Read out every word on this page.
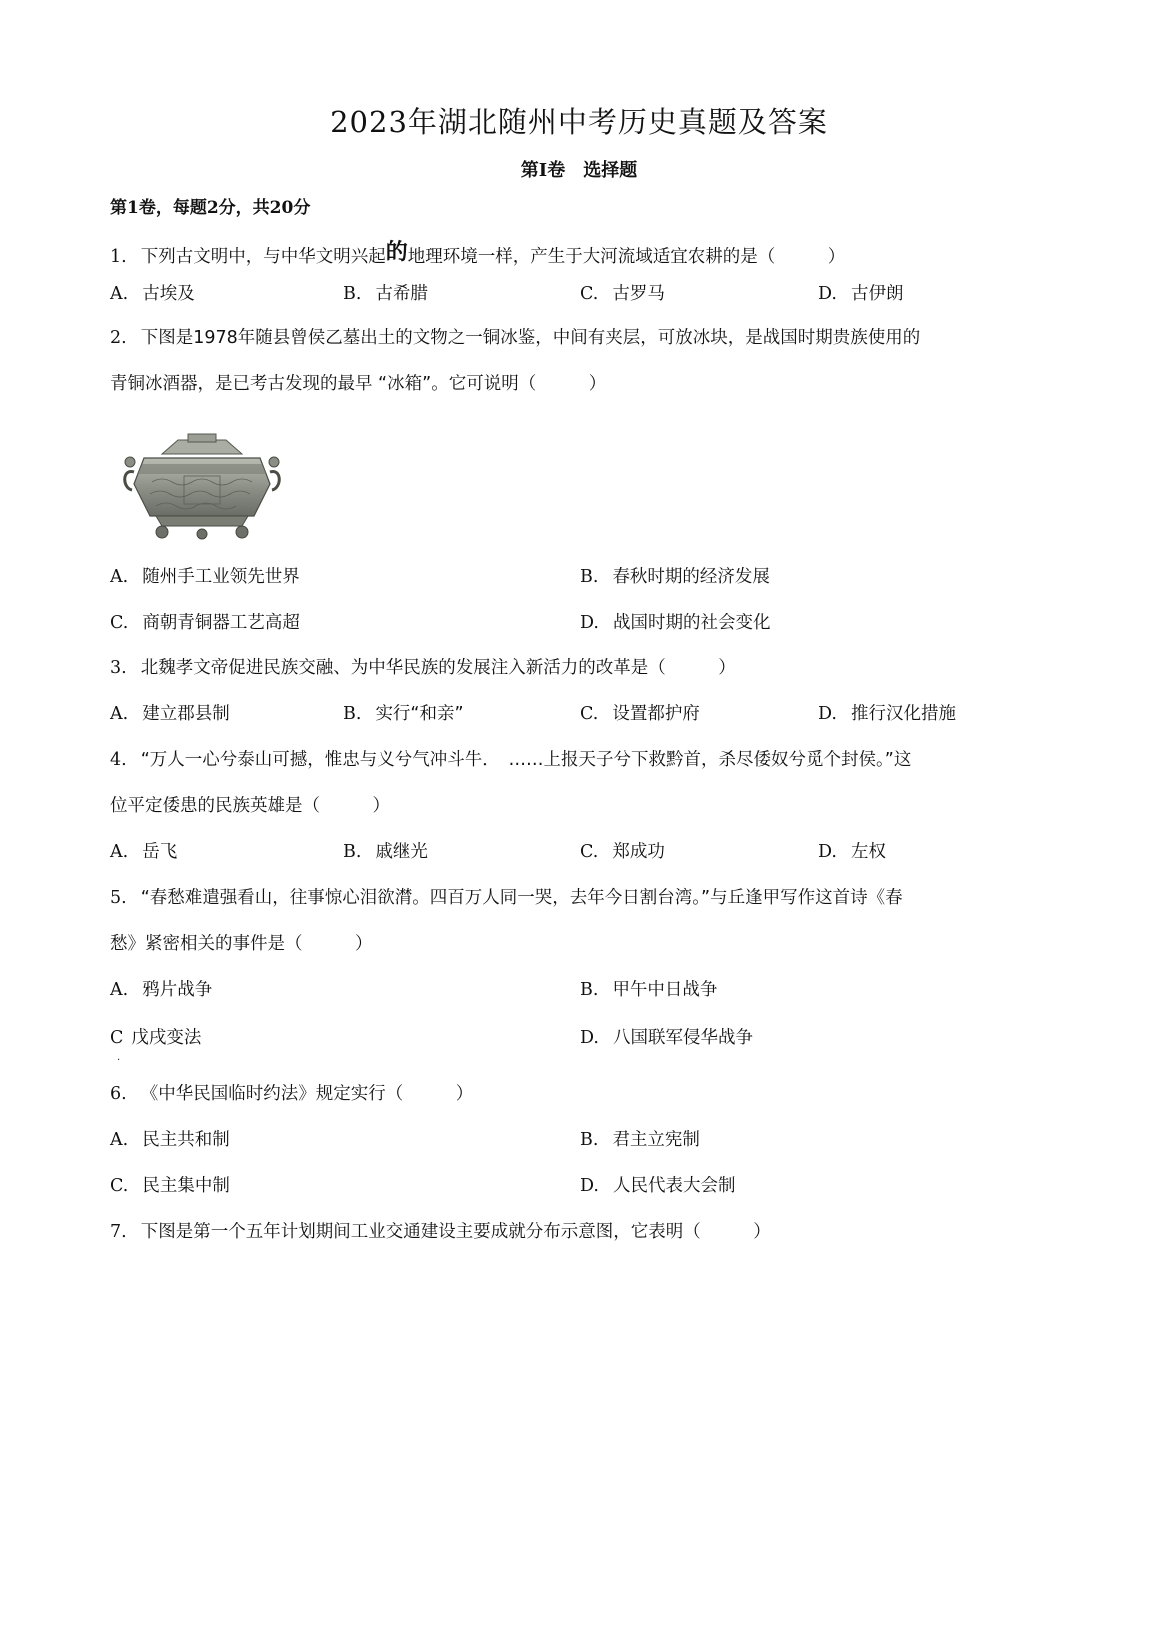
2023年湖北随州中考历史真题及答案
第Ⅰ卷　选择题
第1卷，每题2分，共20分
1. 下列古文明中，与中华文明兴起的地理环境一样，产生于大河流域适宜农耕的是（　　　）
A. 古埃及	B. 古希腊	C. 古罗马	D. 古伊朗
2. 下图是1978年随县曾侯乙墓出土的文物之一铜冰鉴，中间有夹层，可放冰块，是战国时期贵族使用的
青铜冰酒器，是已考古发现的最早 “冰箱”。它可说明（　　　）
A. 随州手工业领先世界	B. 春秋时期的经济发展
C. 商朝青铜器工艺高超	D. 战国时期的社会变化
3. 北魏孝文帝促进民族交融、为中华民族的发展注入新活力的改革是（　　　）
A. 建立郡县制	B. 实行“和亲”	C. 设置都护府	D. 推行汉化措施
4. “万人一心兮泰山可撼，惟忠与义兮气冲斗牛．　……上报天子兮下救黔首，杀尽倭奴兮觅个封侯。”这
位平定倭患的民族英雄是（　　　）
A. 岳飞	B. 戚继光	C. 郑成功	D. 左权
5. “春愁难遣强看山，往事惊心泪欲潸。四百万人同一哭，去年今日割台湾。”与丘逢甲写作这首诗《春
愁》紧密相关的事件是（　　　）
A. 鸦片战争	B. 甲午中日战争
C 戊戌变法	D. 八国联军侵华战争
.
6. 《中华民国临时约法》规定实行（　　　）
A. 民主共和制	B. 君主立宪制
C. 民主集中制	D. 人民代表大会制
7. 下图是第一个五年计划期间工业交通建设主要成就分布示意图，它表明（　　　）
